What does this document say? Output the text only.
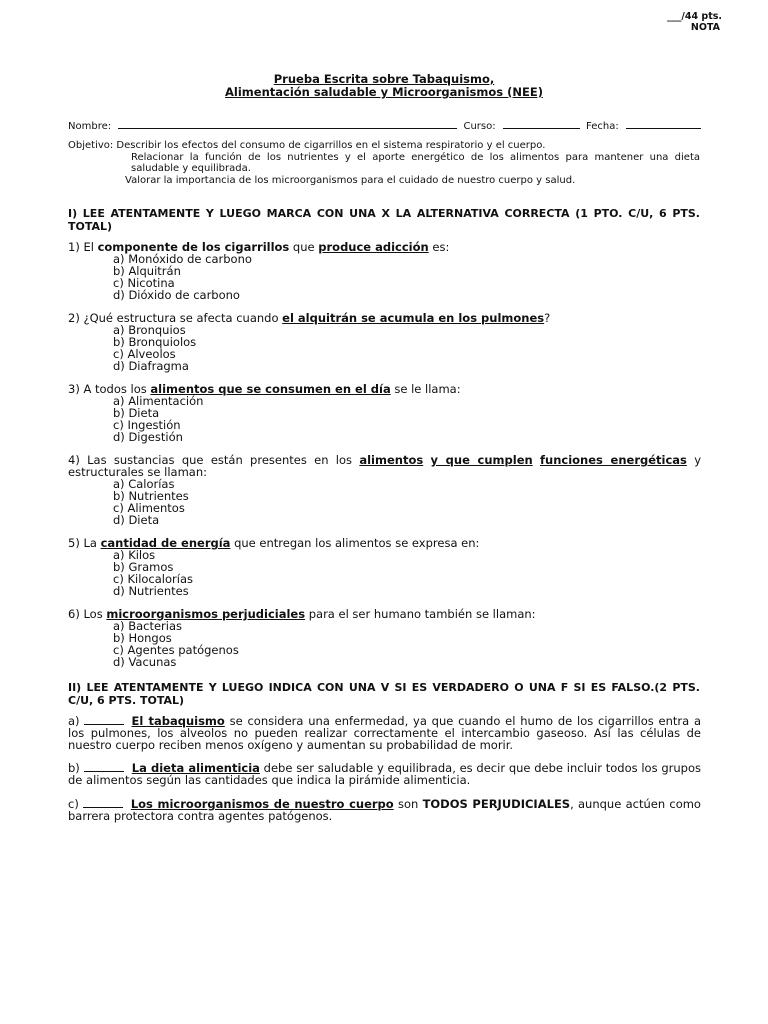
___/44 pts.
NOTA
Prueba Escrita sobre Tabaquismo,
Alimentación saludable y Microorganismos (NEE)
Nombre:	Curso:	Fecha:
Objetivo: Describir los efectos del consumo de cigarrillos en el sistema respiratorio y el cuerpo.
Relacionar la función de los nutrientes y el aporte energético de los alimentos para mantener una dieta saludable y equilibrada.
Valorar la importancia de los microorganismos para el cuidado de nuestro cuerpo y salud.
I) LEE ATENTAMENTE Y LUEGO MARCA CON UNA X LA ALTERNATIVA CORRECTA (1 PTO. C/U, 6 PTS. TOTAL)
1) El componente de los cigarrillos que produce adicción es:
a) Monóxido de carbono
b) Alquitrán
c) Nicotina
d) Dióxido de carbono
2) ¿Qué estructura se afecta cuando el alquitrán se acumula en los pulmones?
a) Bronquios
b) Bronquiolos
c) Alveolos
d) Diafragma
3) A todos los alimentos que se consumen en el día se le llama:
a) Alimentación
b) Dieta
c) Ingestión
d) Digestión
4) Las sustancias que están presentes en los alimentos y que cumplen funciones energéticas y estructurales se llaman:
a) Calorías
b) Nutrientes
c) Alimentos
d) Dieta
5) La cantidad de energía que entregan los alimentos se expresa en:
a) Kilos
b) Gramos
c) Kilocalorías
d) Nutrientes
6) Los microorganismos perjudiciales para el ser humano también se llaman:
a) Bacterias
b) Hongos
c) Agentes patógenos
d) Vacunas
II) LEE ATENTAMENTE Y LUEGO INDICA CON UNA V SI ES VERDADERO O UNA F SI ES FALSO.(2 PTS. C/U, 6 PTS. TOTAL)
a)	El tabaquismo se considera una enfermedad, ya que cuando el humo de los cigarrillos entra a los pulmones, los alveolos no pueden realizar correctamente el intercambio gaseoso. Así las células de nuestro cuerpo reciben menos oxígeno y aumentan su probabilidad de morir.
b)	La dieta alimenticia debe ser saludable y equilibrada, es decir que debe incluir todos los grupos de alimentos según las cantidades que indica la pirámide alimenticia.
c)	Los microorganismos de nuestro cuerpo son TODOS PERJUDICIALES, aunque actúen como barrera protectora contra agentes patógenos.
